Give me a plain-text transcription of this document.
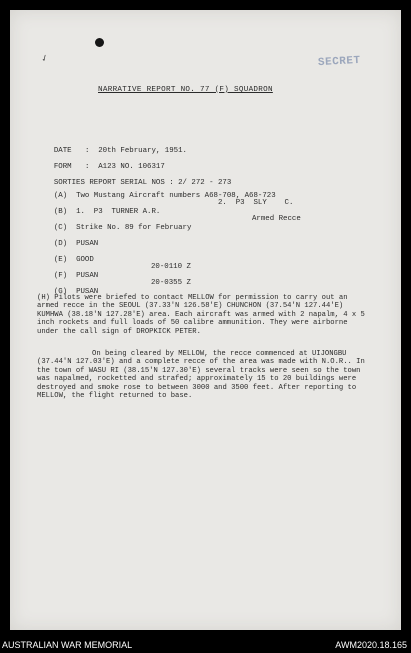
✓	SECRET
NARRATIVE REPORT NO. 77 (F) SQUADRON

DATE : 20th February, 1951.

FORM : A123 NO. 106317

SORTIES REPORT SERIAL NOS : 2/ 272 - 273

(A) Two Mustang Aircraft numbers A68-708, A68-723

(B) 1.  P3  TURNER A.R.

2.  P3  SLY    C.

(C) Strike No. 89 for February

Armed Recce

(D) PUSAN

(E) GOOD

(F) PUSAN

20-0110 Z

(G) PUSAN

20-0355 Z
(H) Pilots were briefed to contact MELLOW for permission to carry out an armed recce in the SEOUL (37.33'N 126.58'E) CHUNCHON (37.54'N 127.44'E) KUMHWA (38.18'N 127.28'E) area. Each aircraft was armed with 2 napalm, 4 x 5 inch rockets and full loads of 50 calibre ammunition. They were airborne under the call sign of DROPKICK PETER.
On being cleared by MELLOW, the recce commenced at UIJONGBU (37.44'N 127.03'E) and a complete recce of the area was made with N.O.R.. In the town of WASU RI (38.15'N 127.30'E) several tracks were seen so the town was napalmed, rocketted and strafed; approximately 15 to 20 buildings were destroyed and smoke rose to between 3000 and 3500 feet. After reporting to MELLOW, the flight returned to base.
AUSTRALIAN WAR MEMORIAL	AWM2020.18.165
